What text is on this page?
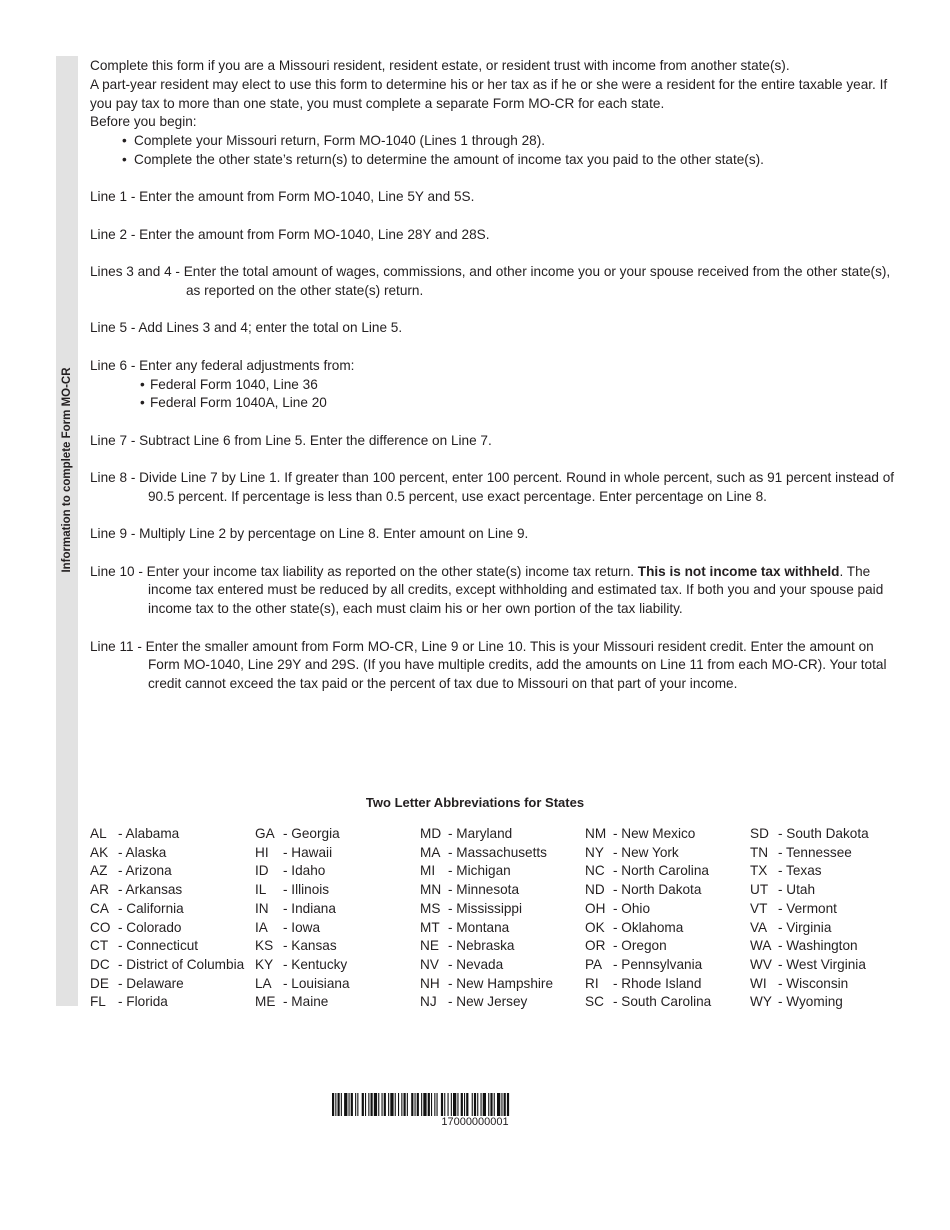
Information to complete Form MO-CR

Complete this form if you are a Missouri resident, resident estate, or resident trust with income from another state(s).

A part-year resident may elect to use this form to determine his or her tax as if he or she were a resident for the entire taxable year. If you pay tax to more than one state, you must complete a separate Form MO-CR for each state.

Before you begin:

• Complete your Missouri return, Form MO-1040 (Lines 1 through 28).
• Complete the other state’s return(s) to determine the amount of income tax you paid to the other state(s).

Line 1 - Enter the amount from Form MO-1040, Line 5Y and 5S.

Line 2 - Enter the amount from Form MO-1040, Line 28Y and 28S.

Lines 3 and 4 - Enter the total amount of wages, commissions, and other income you or your spouse received from the other state(s), as reported on the other state(s) return.

Line 5 - Add Lines 3 and 4; enter the total on Line 5.

Line 6 - Enter any federal adjustments from:

• Federal Form 1040, Line 36
• Federal Form 1040A, Line 20

Line 7 - Subtract Line 6 from Line 5. Enter the difference on Line 7.

Line 8 - Divide Line 7 by Line 1. If greater than 100 percent, enter 100 percent. Round in whole percent, such as 91 percent instead of 90.5 percent. If percentage is less than 0.5 percent, use exact percentage. Enter percentage on Line 8.

Line 9 - Multiply Line 2 by percentage on Line 8. Enter amount on Line 9.

Line 10 - Enter your income tax liability as reported on the other state(s) income tax return. This is not income tax withheld. The income tax entered must be reduced by all credits, except withholding and estimated tax. If both you and your spouse paid income tax to the other state(s), each must claim his or her own portion of the tax liability.

Line 11 - Enter the smaller amount from Form MO-CR, Line 9 or Line 10. This is your Missouri resident credit. Enter the amount on Form MO-1040, Line 29Y and 29S. (If you have multiple credits, add the amounts on Line 11 from each MO-CR). Your total credit cannot exceed the tax paid or the percent of tax due to Missouri on that part of your income.

Two Letter Abbreviations for States
AL - Alabama
AK - Alaska
AZ - Arizona
AR - Arkansas
CA - California
CO - Colorado
CT - Connecticut
DC - District of Columbia
DE - Delaware
FL - Florida
GA - Georgia
HI - Hawaii
ID - Idaho
IL - Illinois
IN - Indiana
IA - Iowa
KS - Kansas
KY - Kentucky
LA - Louisiana
ME - Maine
MD - Maryland
MA - Massachusetts
MI - Michigan
MN - Minnesota
MS - Mississippi
MT - Montana
NE - Nebraska
NV - Nevada
NH - New Hampshire
NJ - New Jersey
NM - New Mexico
NY - New York
NC - North Carolina
ND - North Dakota
OH - Ohio
OK - Oklahoma
OR - Oregon
PA - Pennsylvania
RI - Rhode Island
SC - South Carolina
SD - South Dakota
TN - Tennessee
TX - Texas
UT - Utah
VT - Vermont
VA - Virginia
WA - Washington
WV - West Virginia
WI - Wisconsin
WY - Wyoming
17000000001
